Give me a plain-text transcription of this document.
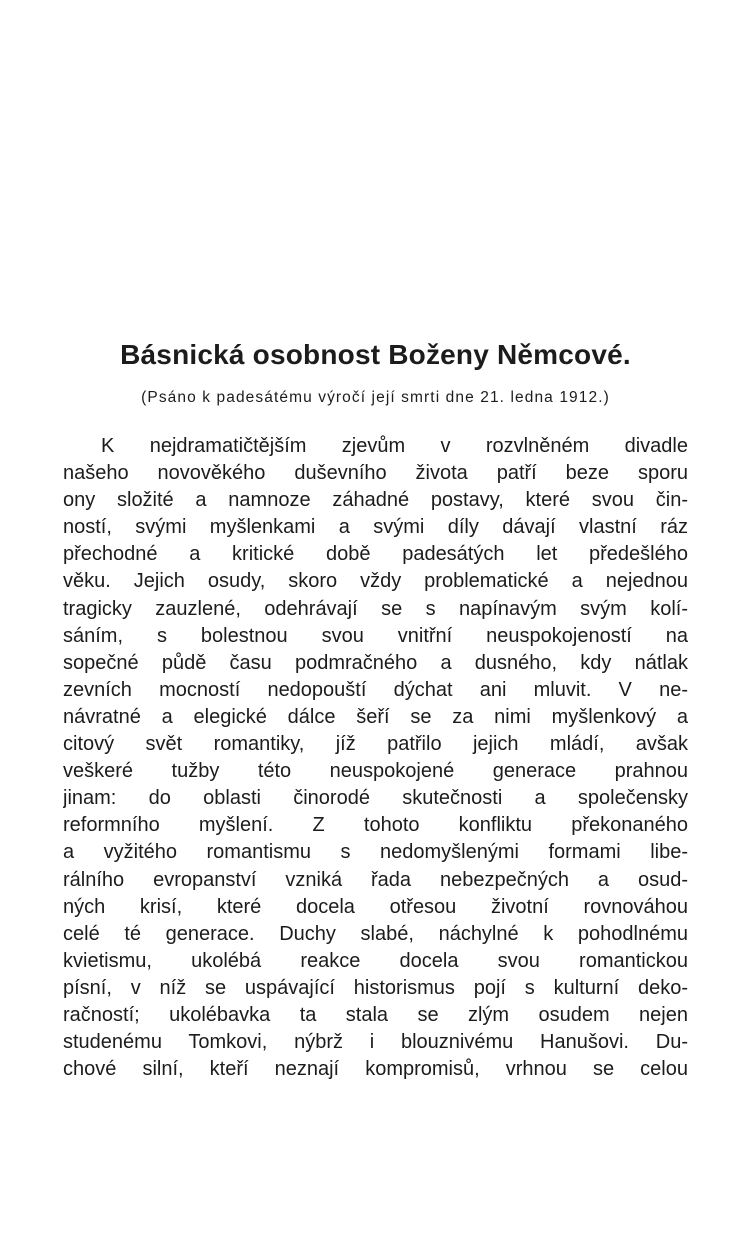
Básnická osobnost Boženy Němcové.

(Psáno k padesátému výročí její smrti dne 21. ledna 1912.)

K nejdramatičtějším zjevům v rozvlněném divadle
našeho novověkého duševního života patří beze sporu
ony složité a namnoze záhadné postavy, které svou čin-
ností, svými myšlenkami a svými díly dávají vlastní ráz
přechodné a kritické době padesátých let předešlého
věku. Jejich osudy, skoro vždy problematické a nejednou
tragicky zauzlené, odehrávají se s napínavým svým kolí-
sáním, s bolestnou svou vnitřní neuspokojeností na
sopečné půdě času podmračného a dusného, kdy nátlak
zevních mocností nedopouští dýchat ani mluvit. V ne-
návratné a elegické dálce šeří se za nimi myšlenkový a
citový svět romantiky, jíž patřilo jejich mládí, avšak
veškeré tužby této neuspokojené generace prahnou
jinam: do oblasti činorodé skutečnosti a společensky
reformního myšlení. Z tohoto konfliktu překonaného
a vyžitého romantismu s nedomyšlenými formami libe-
rálního evropanství vzniká řada nebezpečných a osud-
ných krisí, které docela otřesou životní rovnováhou
celé té generace. Duchy slabé, náchylné k pohodlnému
kvietismu, ukolébá reakce docela svou romantickou
písní, v níž se uspávající historismus pojí s kulturní deko-
račností; ukolébavka ta stala se zlým osudem nejen
studenému Tomkovi, nýbrž i blouznivému Hanušovi. Du-
chové silní, kteří neznají kompromisů, vrhnou se celou
